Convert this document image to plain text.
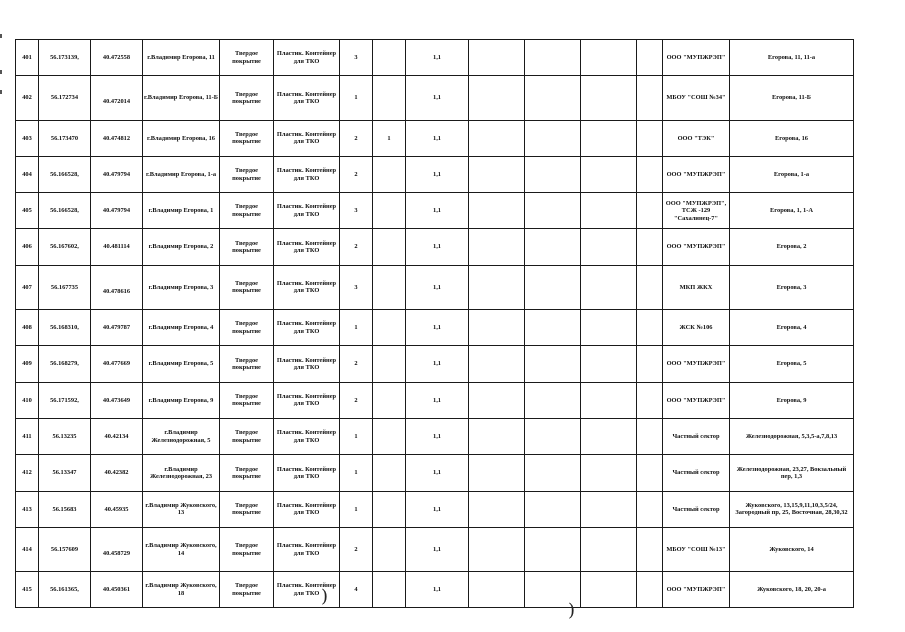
401	56.173139,	40.472558	г.Владимир Егорова, 11	Твердое покрытие	Пластик. Контейнер для ТКО	3		1,1					ООО "МУПЖРЭП"	Егорова, 11, 11-а
402	56.172734	40.472014	г.Владимир Егорова, 11-Б	Твердое покрытие	Пластик. Контейнер для ТКО	1		1,1					МБОУ "СОШ №34"	Егорова, 11-Б
403	56.173470	40.474812	г.Владимир Егорова, 16	Твердое покрытие	Пластик. Контейнер для ТКО	2	1	1,1					ООО "ТЭК"	Егорова, 16
404	56.166528,	40.479794	г.Владимир Егорова, 1-а	Твердое покрытие	Пластик. Контейнер для ТКО	2		1,1					ООО "МУПЖРЭП"	Егорова, 1-а
405	56.166528,	40.479794	г.Владимир Егорова, 1	Твердое покрытие	Пластик. Контейнер для ТКО	3		1,1					ООО "МУПЖРЭП", ТСЖ -129 "Сахалинец-7"	Егорова, 1, 1-А
406	56.167602,	40.481114	г.Владимир Егорова, 2	Твердое покрытие	Пластик. Контейнер для ТКО	2		1,1					ООО "МУПЖРЭП"	Егорова, 2
407	56.167735	40.478616	г.Владимир Егорова, 3	Твердое покрытие	Пластик. Контейнер для ТКО	3		1,1					МКП ЖКХ	Егорова, 3
408	56.168310,	40.479787	г.Владимир Егорова, 4	Твердое покрытие	Пластик. Контейнер для ТКО	1		1,1					ЖСК №106	Егорова, 4
409	56.168279,	40.477669	г.Владимир Егорова, 5	Твердое покрытие	Пластик. Контейнер для ТКО	2		1,1					ООО "МУПЖРЭП"	Егорова, 5
410	56.171592,	40.473649	г.Владимир Егорова, 9	Твердое покрытие	Пластик. Контейнер для ТКО	2		1,1					ООО "МУПЖРЭП"	Егорова, 9
411	56.13235	40.42134	г.Владимир Железнодорожная, 5	Твердое покрытие	Пластик. Контейнер для ТКО	1		1,1					Частный сектор	Железнодорожная, 5,3,5-а,7,8,13
412	56.13347	40.42382	г.Владимир Железнодорожная, 23	Твердое покрытие	Пластик. Контейнер для ТКО	1		1,1					Частный сектор	Железнодорожная, 23,27, Вокзальный пер, 1,3
413	56.15683	40.45935	г.Владимир Жуковского, 13	Твердое покрытие	Пластик. Контейнер для ТКО	1		1,1					Частный сектор	Жуковского, 13,15,9,11,10,3,5/24, Загородный пр, 25, Восточная, 28,30,32
414	56.157609	40.458729	г.Владимир Жуковского, 14	Твердое покрытие	Пластик. Контейнер для ТКО	2		1,1					МБОУ "СОШ №13"	Жуковского, 14
415	56.161365,	40.450361	г.Владимир Жуковского, 18	Твердое покрытие	Пластик. Контейнер для ТКО	4		1,1					ООО "МУПЖРЭП"	Жуковского, 18, 20, 20-а
)
)
